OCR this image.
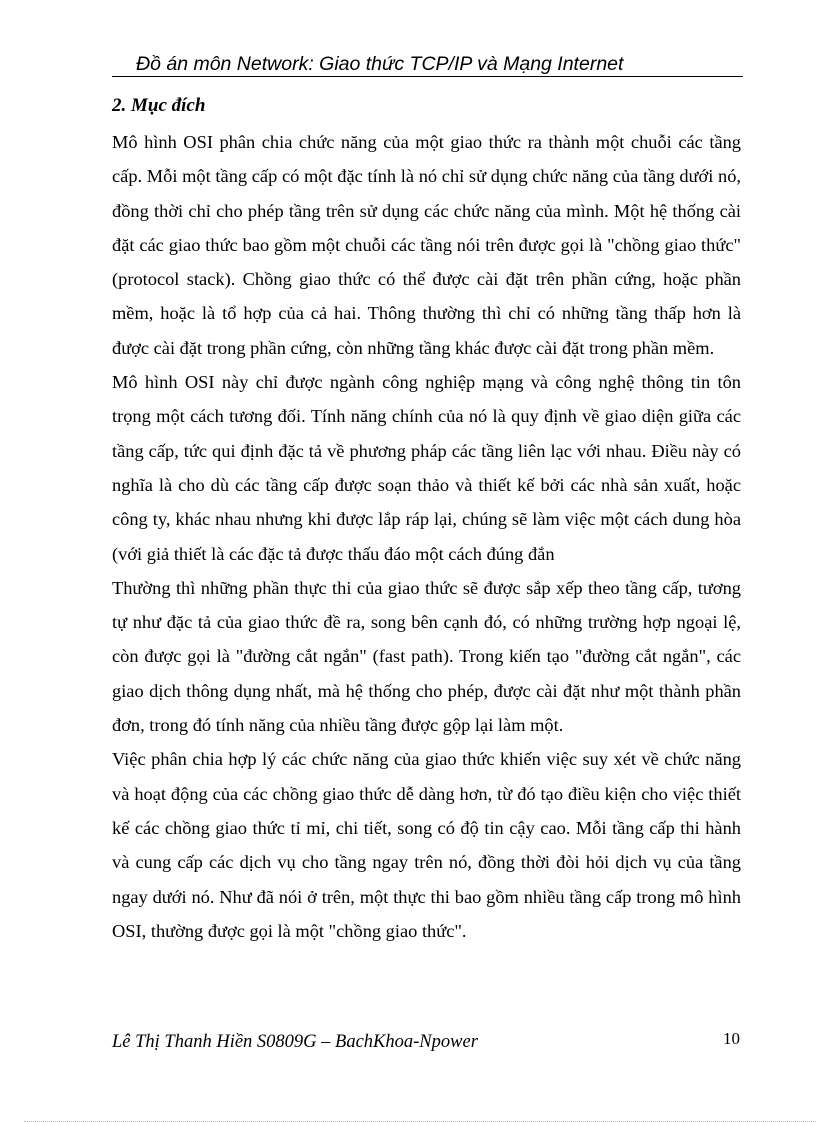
Đồ án môn Network: Giao thức TCP/IP và Mạng Internet
2. Mục đích

Mô hình OSI phân chia chức năng của một giao thức ra thành một chuỗi các tầng cấp. Mỗi một tầng cấp có một đặc tính là nó chỉ sử dụng chức năng của tầng dưới nó, đồng thời chỉ cho phép tầng trên sử dụng các chức năng của mình. Một hệ thống cài đặt các giao thức bao gồm một chuỗi các tầng nói trên được gọi là "chồng giao thức" (protocol stack). Chồng giao thức có thể được cài đặt trên phần cứng, hoặc phần mềm, hoặc là tổ hợp của cả hai. Thông thường thì chỉ có những tầng thấp hơn là được cài đặt trong phần cứng, còn những tầng khác được cài đặt trong phần mềm.

Mô hình OSI này chỉ được ngành công nghiệp mạng và công nghệ thông tin tôn trọng một cách tương đối. Tính năng chính của nó là quy định về giao diện giữa các tầng cấp, tức qui định đặc tả về phương pháp các tầng liên lạc với nhau. Điều này có nghĩa là cho dù các tầng cấp được soạn thảo và thiết kế bởi các nhà sản xuất, hoặc công ty, khác nhau nhưng khi được lắp ráp lại, chúng sẽ làm việc một cách dung hòa (với giả thiết là các đặc tả được thấu đáo một cách đúng đắn

Thường thì những phần thực thi của giao thức sẽ được sắp xếp theo tầng cấp, tương tự như đặc tả của giao thức đề ra, song bên cạnh đó, có những trường hợp ngoại lệ, còn được gọi là "đường cắt ngắn" (fast path). Trong kiến tạo "đường cắt ngắn", các giao dịch thông dụng nhất, mà hệ thống cho phép, được cài đặt như một thành phần đơn, trong đó tính năng của nhiều tầng được gộp lại làm một.

Việc phân chia hợp lý các chức năng của giao thức khiến việc suy xét về chức năng và hoạt động của các chồng giao thức dễ dàng hơn, từ đó tạo điều kiện cho việc thiết kế các chồng giao thức tỉ mỉ, chi tiết, song có độ tin cậy cao. Mỗi tầng cấp thi hành và cung cấp các dịch vụ cho tầng ngay trên nó, đồng thời đòi hỏi dịch vụ của tầng ngay dưới nó. Như đã nói ở trên, một thực thi bao gồm nhiều tầng cấp trong mô hình OSI, thường được gọi là một "chồng giao thức".

Lê Thị Thanh Hiền S0809G – BachKhoa-Npower	10
